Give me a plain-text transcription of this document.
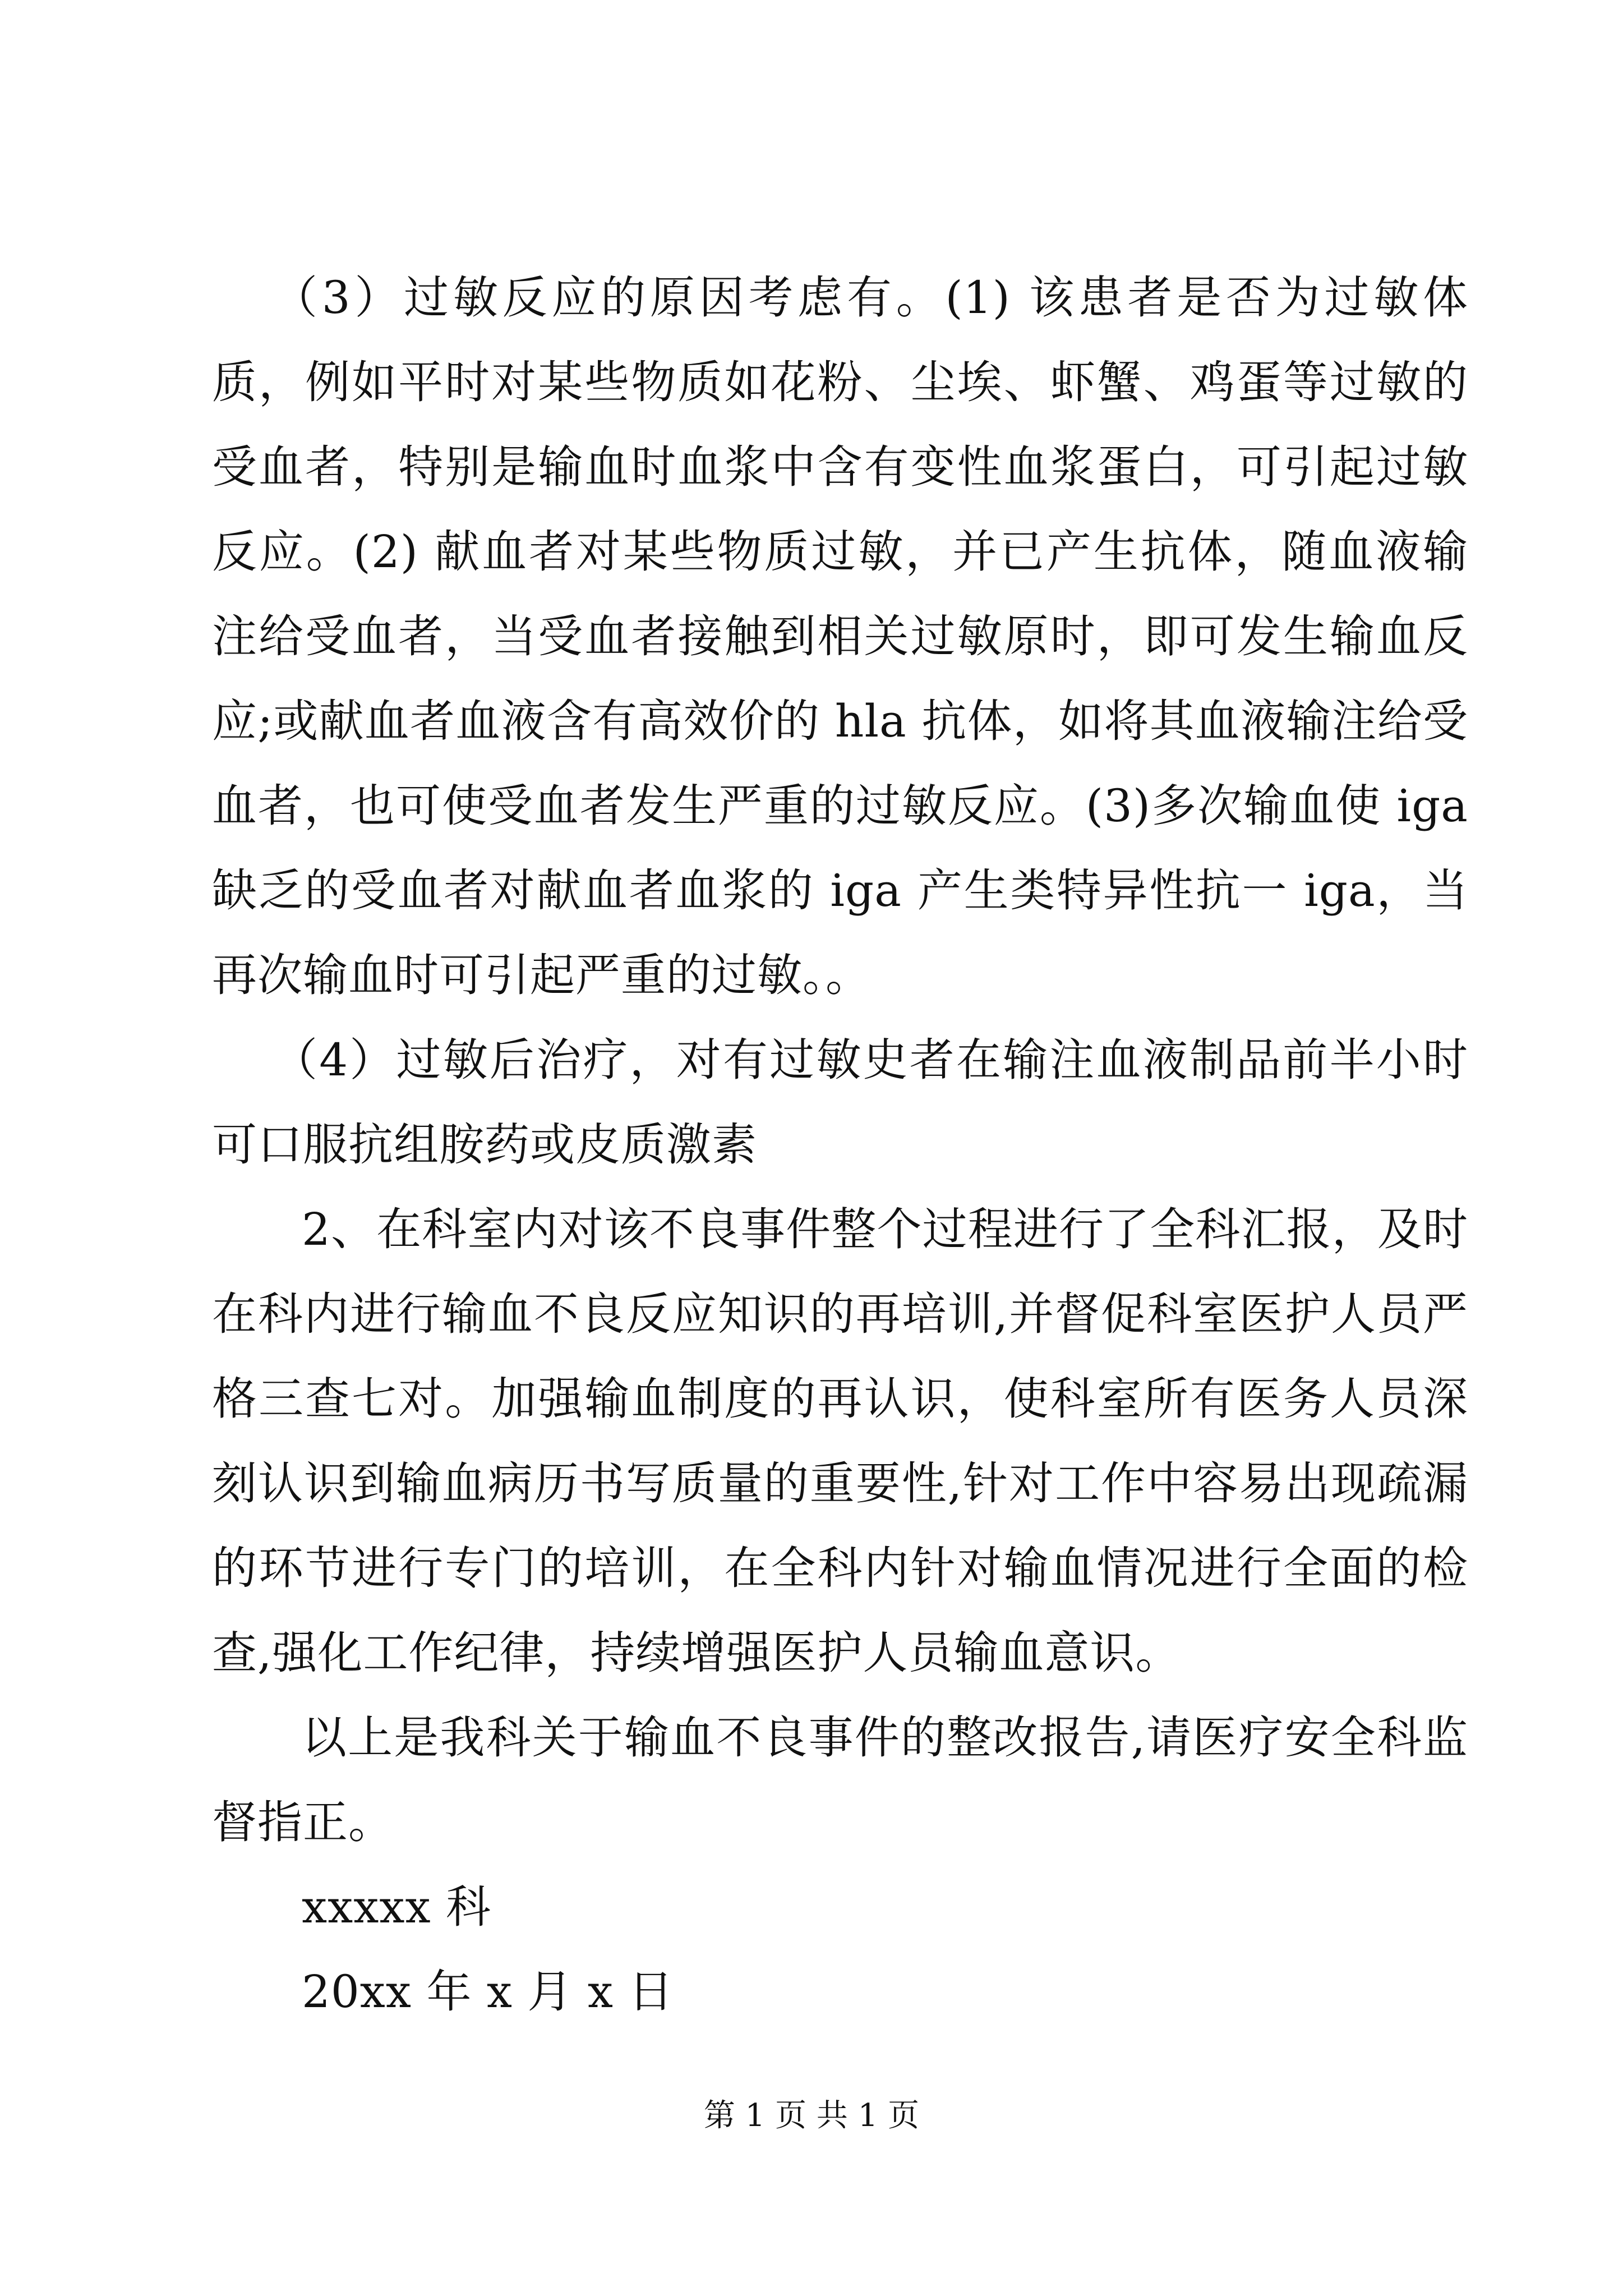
（3）过敏反应的原因考虑有。(1) 该患者是否为过敏体质，例如平时对某些物质如花粉、尘埃、虾蟹、鸡蛋等过敏的受血者，特别是输血时血浆中含有变性血浆蛋白，可引起过敏反应。(2) 献血者对某些物质过敏，并已产生抗体，随血液输注给受血者，当受血者接触到相关过敏原时，即可发生输血反应;或献血者血液含有高效价的 hla 抗体，如将其血液输注给受血者，也可使受血者发生严重的过敏反应。(3)多次输血使 iga 缺乏的受血者对献血者血浆的 iga 产生类特异性抗一 iga，当再次输血时可引起严重的过敏。。

（4）过敏后治疗，对有过敏史者在输注血液制品前半小时可口服抗组胺药或皮质激素

2、在科室内对该不良事件整个过程进行了全科汇报，及时在科内进行输血不良反应知识的再培训,并督促科室医护人员严格三查七对。加强输血制度的再认识，使科室所有医务人员深刻认识到输血病历书写质量的重要性,针对工作中容易出现疏漏的环节进行专门的培训，在全科内针对输血情况进行全面的检查,强化工作纪律，持续增强医护人员输血意识。

以上是我科关于输血不良事件的整改报告,请医疗安全科监督指正。

xxxxx 科

20xx 年 x 月 x 日

第 1 页 共 1 页
